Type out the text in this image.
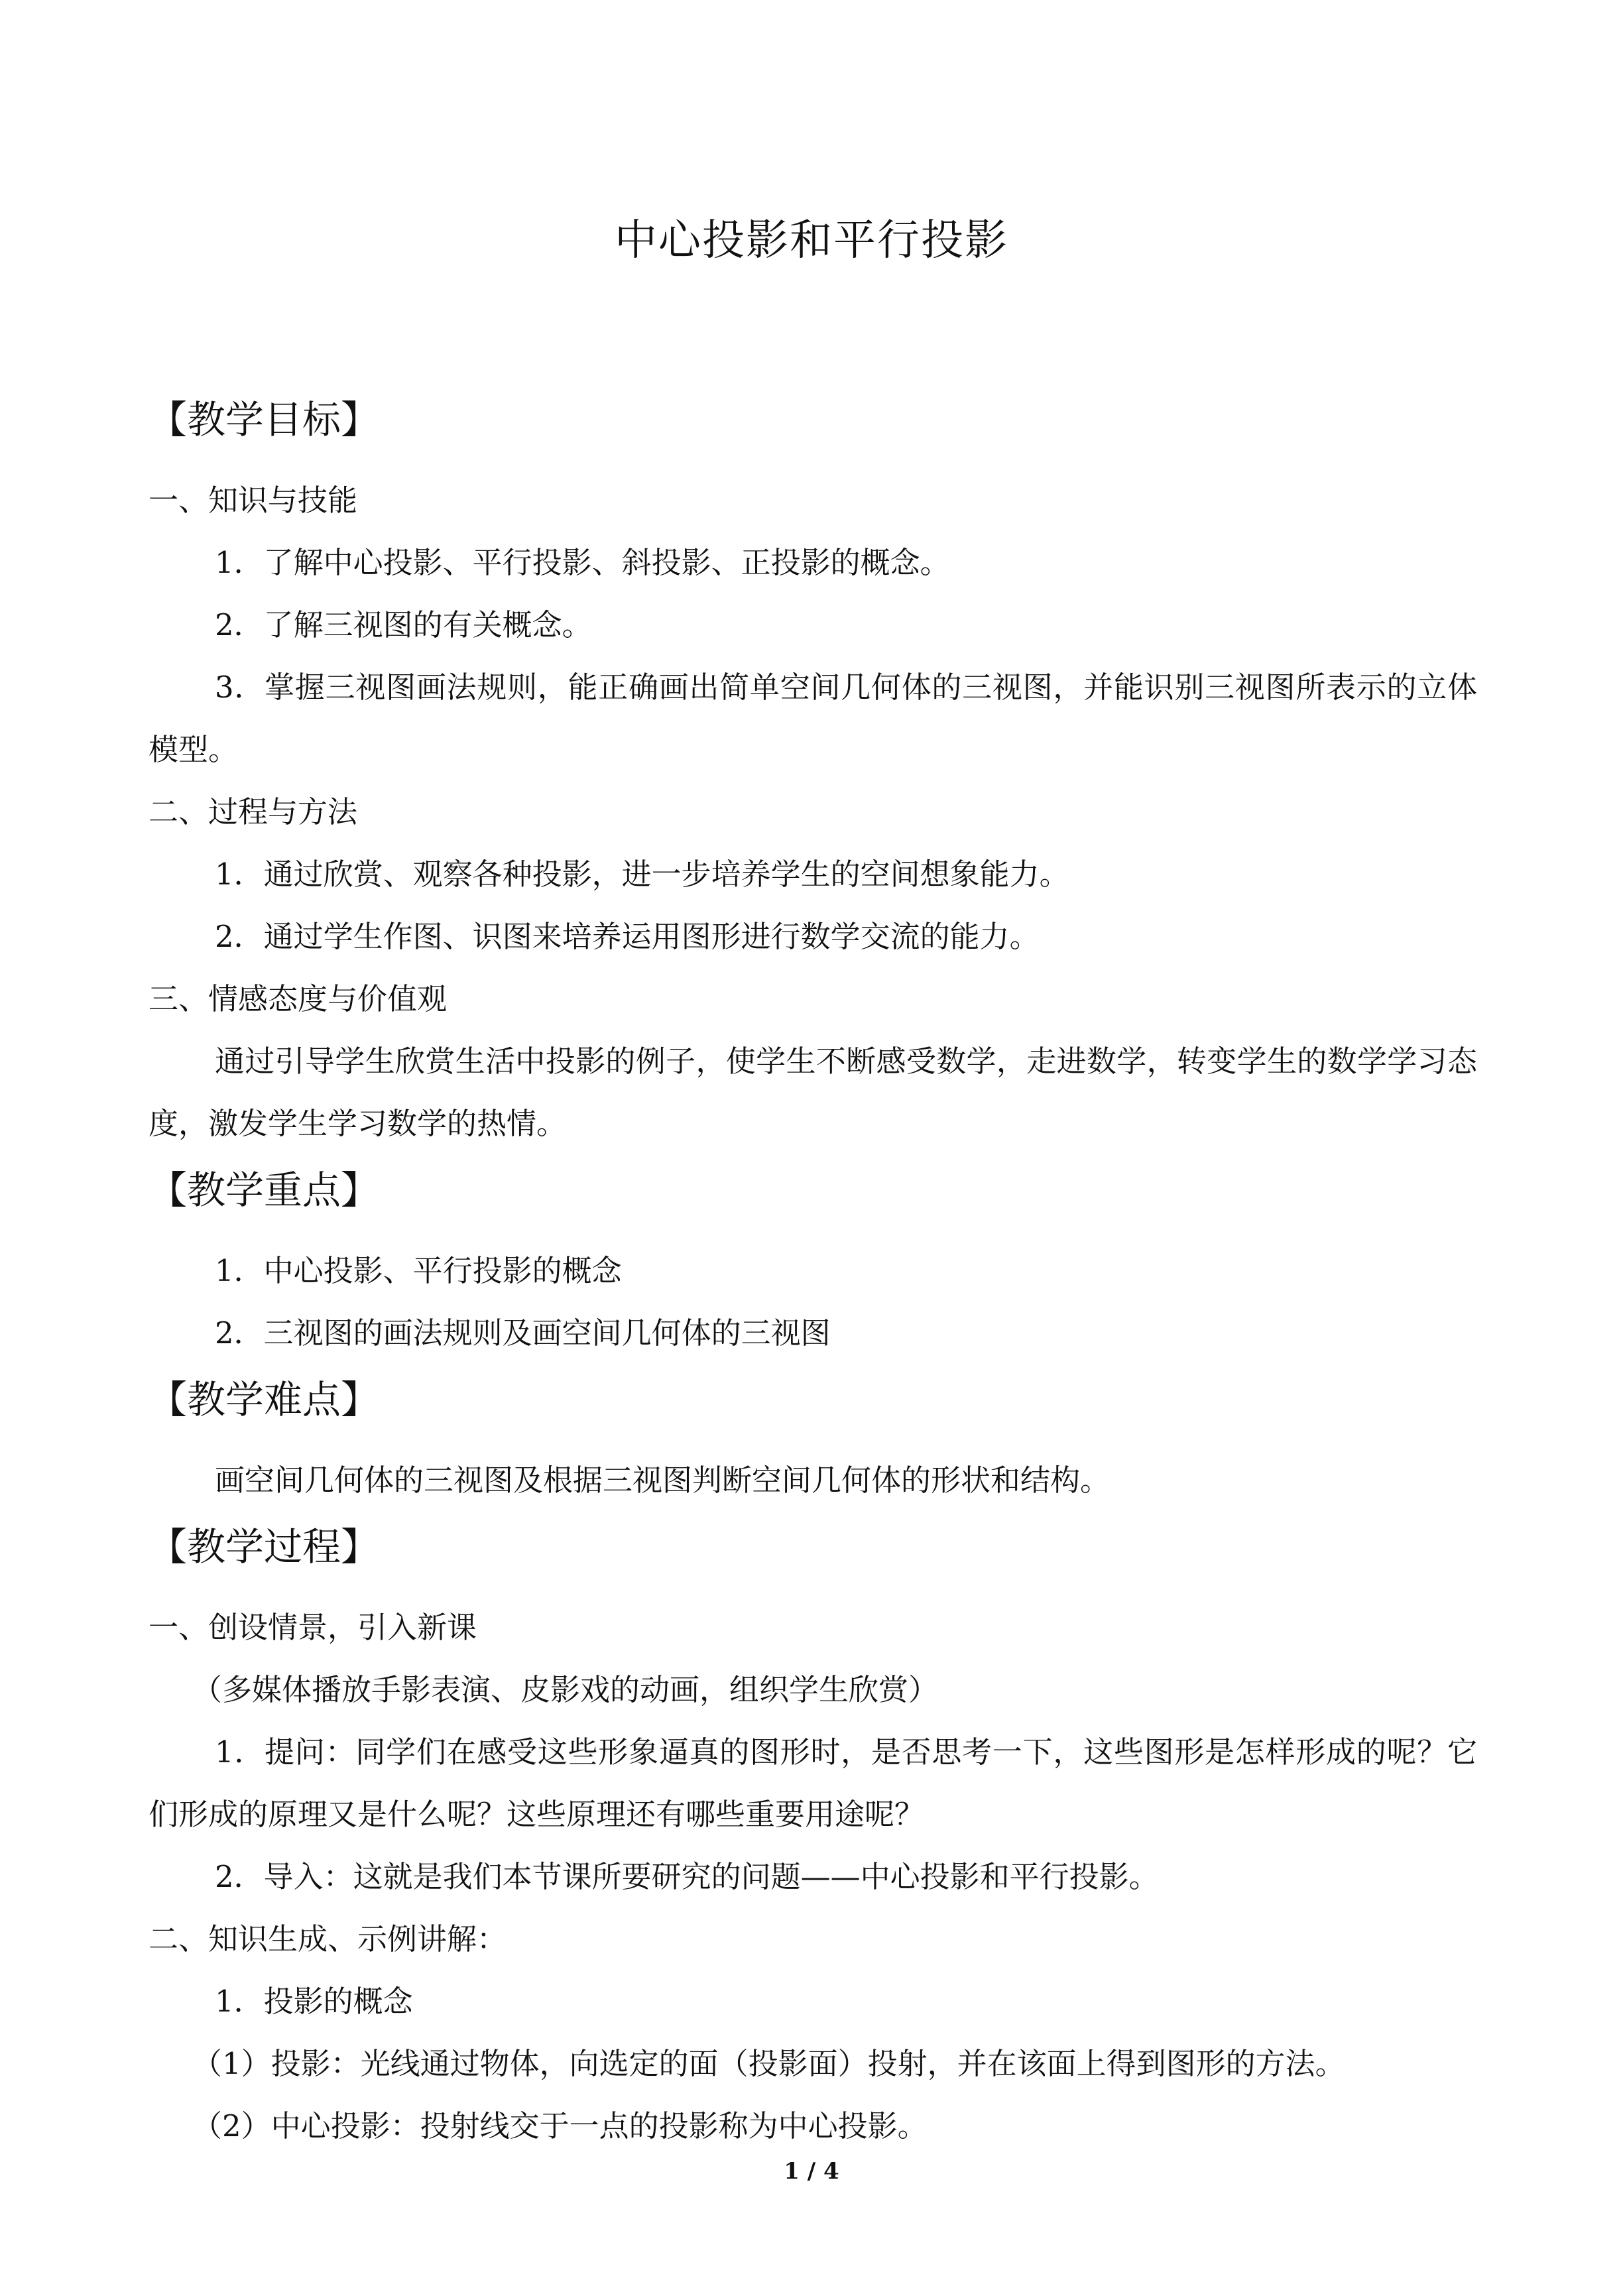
中心投影和平行投影
【教学目标】

一、知识与技能

1．了解中心投影、平行投影、斜投影、正投影的概念。

2．了解三视图的有关概念。

3．掌握三视图画法规则，能正确画出简单空间几何体的三视图，并能识别三视图所表示的立体模型。

二、过程与方法

1．通过欣赏、观察各种投影，进一步培养学生的空间想象能力。

2．通过学生作图、识图来培养运用图形进行数学交流的能力。

三、情感态度与价值观

通过引导学生欣赏生活中投影的例子，使学生不断感受数学，走进数学，转变学生的数学学习态度，激发学生学习数学的热情。

【教学重点】

1．中心投影、平行投影的概念

2．三视图的画法规则及画空间几何体的三视图

【教学难点】

画空间几何体的三视图及根据三视图判断空间几何体的形状和结构。

【教学过程】

一、创设情景，引入新课

（多媒体播放手影表演、皮影戏的动画，组织学生欣赏）

1．提问：同学们在感受这些形象逼真的图形时，是否思考一下，这些图形是怎样形成的呢？它们形成的原理又是什么呢？这些原理还有哪些重要用途呢？

2．导入：这就是我们本节课所要研究的问题——中心投影和平行投影。

二、知识生成、示例讲解：

1．投影的概念

（1）投影：光线通过物体，向选定的面（投影面）投射，并在该面上得到图形的方法。

（2）中心投影：投射线交于一点的投影称为中心投影。

1 / 4
